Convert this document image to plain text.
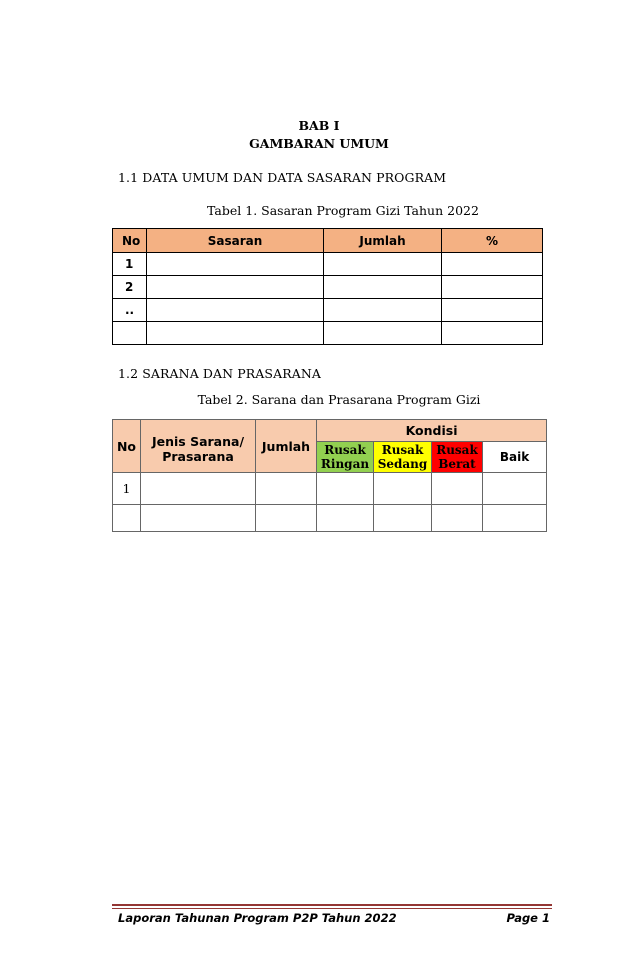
BAB I
GAMBARAN UMUM
1.1 DATA UMUM DAN DATA SASARAN PROGRAM
Tabel 1. Sasaran Program Gizi Tahun 2022
No	Sasaran	Jumlah	%
1			
2			
..			

1.2 SARANA DAN PRASARANA
Tabel 2. Sarana dan Prasarana Program Gizi
No	Jenis Sarana/ Prasarana	Jumlah	Kondisi			
			Rusak Ringan	Rusak Sedang	Rusak Berat	Baik
1						

Laporan Tahunan Program P2P Tahun 2022	Page 1
